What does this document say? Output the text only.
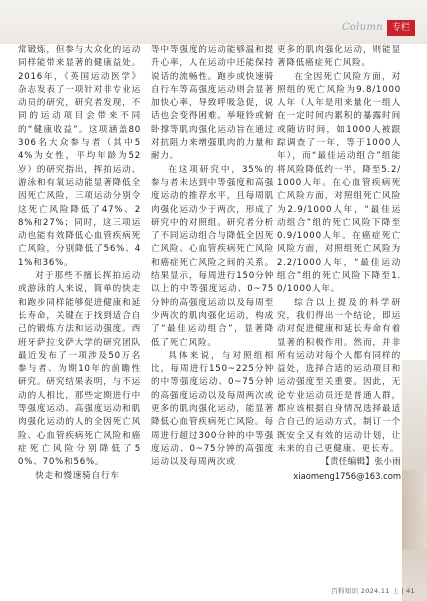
Column 专栏

常锻炼，但参与大众化的运动同样能带来显著的健康益处。2016年，《英国运动医学》杂志发表了一项针对非专业运动员的研究，研究者发现，不同的运动项目会带来不同的“健康收益”。这项涵盖80306名大众参与者（其中54%为女性，平均年龄为52岁）的研究指出，挥拍运动、游泳和有氧运动能显著降低全因死亡风险，三项运动分别令这死亡风险降低了47%、28%和27%；同时，这三项运动也能有效降低心血管疾病死亡风险，分别降低了56%、41%和36%。

对于那些不擅长挥拍运动或游泳的人来说，简单的快走和跑步同样能够促进健康和延长寿命，关键在于找到适合自己的锻炼方法和运动强度。西班牙萨拉戈萨大学的研究团队最近发布了一项涉及50万名参与者、为期10年的前瞻性研究。研究结果表明，与不运动的人相比，那些定期进行中等强度运动、高强度运动和肌肉强化运动的人的全因死亡风险、心血管疾病死亡风险和癌症死亡风险分别降低了50%、70%和56%。

快走和慢速骑自行车

等中等强度的运动能够温和提升心率，人在运动中还能保持说话的流畅性。跑步或快速骑自行车等高强度运动则会显著加快心率，导致呼吸急促，说话也会变得困难。举哑铃或俯卧撑等肌肉强化运动旨在通过对抗阻力来增强肌肉的力量和耐力。

在这项研究中，35%的参与者未达到中等强度和高强度运动的推荐水平，且每周肌肉强化运动少于两次，形成了研究中的对照组。研究者分析了不同运动组合与降低全因死亡风险、心血管疾病死亡风险和癌症死亡风险之间的关系。结果显示，每周进行150分钟以上的中等强度运动、0~75分钟的高强度运动以及每周至少两次的肌肉强化运动，构成了“最佳运动组合”，显著降低了死亡风险。

具体来说，与对照组相比，每周进行150~225分钟的中等强度运动、0~75分钟的高强度运动以及每周两次或更多的肌肉强化运动，能显著降低心血管疾病死亡风险。每周进行超过300分钟的中等强度运动、0~75分钟的高强度运动以及每周两次或

更多的肌肉强化运动，则能显著降低癌症死亡风险。

在全因死亡风险方面，对照组的死亡风险为9.8/1000人年（人年是用来量化一组人在一定时间内累积的暴露时间或随访时间，如1000人被跟踪调查了一年，等于1000人年），而“最佳运动组合”组能将风险降低约一半，降至5.2/1000人年。在心血管疾病死亡风险方面，对照组死亡风险为2.9/1000人年，“最佳运动组合”组的死亡风险下降至0.9/1000人年。在癌症死亡风险方面，对照组死亡风险为2.2/1000人年，“最佳运动组合”组的死亡风险下降至1.0/1000人年。

综合以上提及的科学研究，我们得出一个结论，即运动对促进健康和延长寿命有着显著的积极作用。然而，并非所有运动对每个人都有同样的益处，选择合适的运动项目和运动强度至关重要。因此，无论专业运动员还是普通人群，都应该根据自身情况选择最适合自己的运动方式，制订一个既安全又有效的运动计划，让未来的自己更健康、更长寿。

【责任编辑】张小雨

xiaomeng1756@163.com

百科知识 2024.11 上 | 41
